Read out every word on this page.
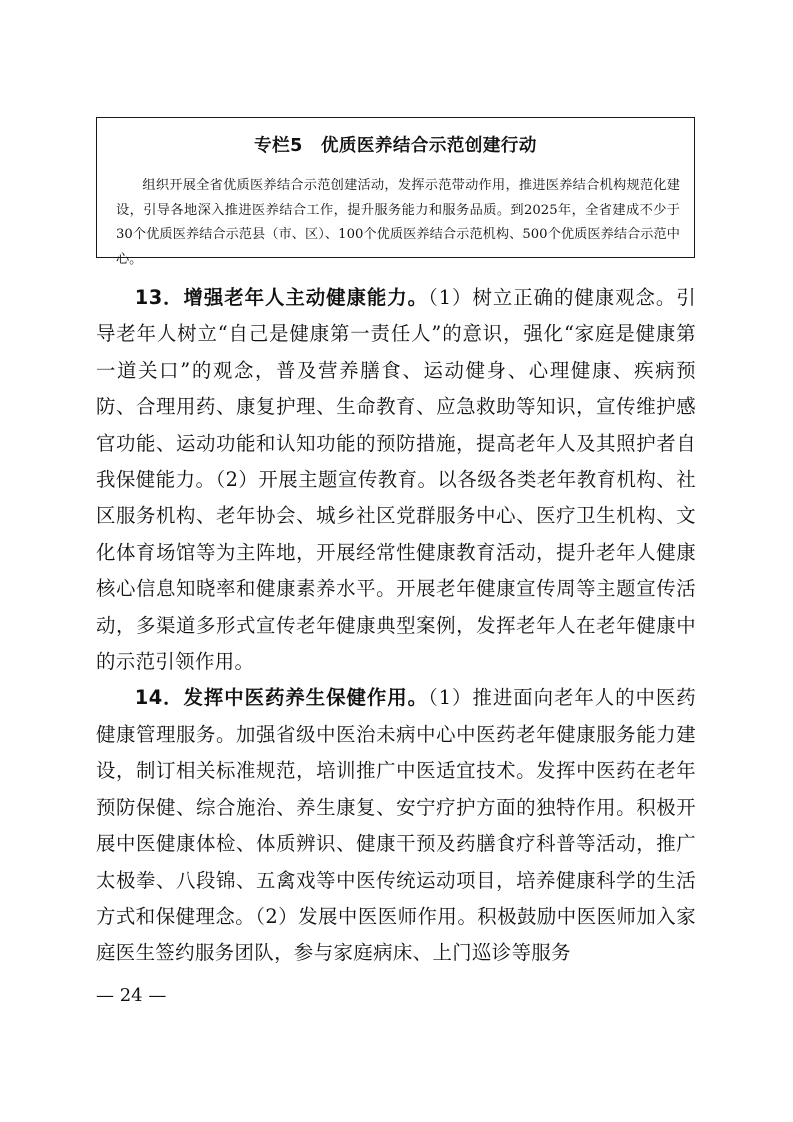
专栏5 优质医养结合示范创建行动

组织开展全省优质医养结合示范创建活动，发挥示范带动作用，推进医养结合机构规范化建设，引导各地深入推进医养结合工作，提升服务能力和服务品质。到2025年，全省建成不少于30个优质医养结合示范县（市、区）、100个优质医养结合示范机构、500个优质医养结合示范中心。

13．增强老年人主动健康能力。（1）树立正确的健康观念。引导老年人树立“自己是健康第一责任人”的意识，强化“家庭是健康第一道关口”的观念，普及营养膳食、运动健身、心理健康、疾病预防、合理用药、康复护理、生命教育、应急救助等知识，宣传维护感官功能、运动功能和认知功能的预防措施，提高老年人及其照护者自我保健能力。（2）开展主题宣传教育。以各级各类老年教育机构、社区服务机构、老年协会、城乡社区党群服务中心、医疗卫生机构、文化体育场馆等为主阵地，开展经常性健康教育活动，提升老年人健康核心信息知晓率和健康素养水平。开展老年健康宣传周等主题宣传活动，多渠道多形式宣传老年健康典型案例，发挥老年人在老年健康中的示范引领作用。

14．发挥中医药养生保健作用。（1）推进面向老年人的中医药健康管理服务。加强省级中医治未病中心中医药老年健康服务能力建设，制订相关标准规范，培训推广中医适宜技术。发挥中医药在老年预防保健、综合施治、养生康复、安宁疗护方面的独特作用。积极开展中医健康体检、体质辨识、健康干预及药膳食疗科普等活动，推广太极拳、八段锦、五禽戏等中医传统运动项目，培养健康科学的生活方式和保健理念。（2）发展中医医师作用。积极鼓励中医医师加入家庭医生签约服务团队，参与家庭病床、上门巡诊等服务

— 24 —
